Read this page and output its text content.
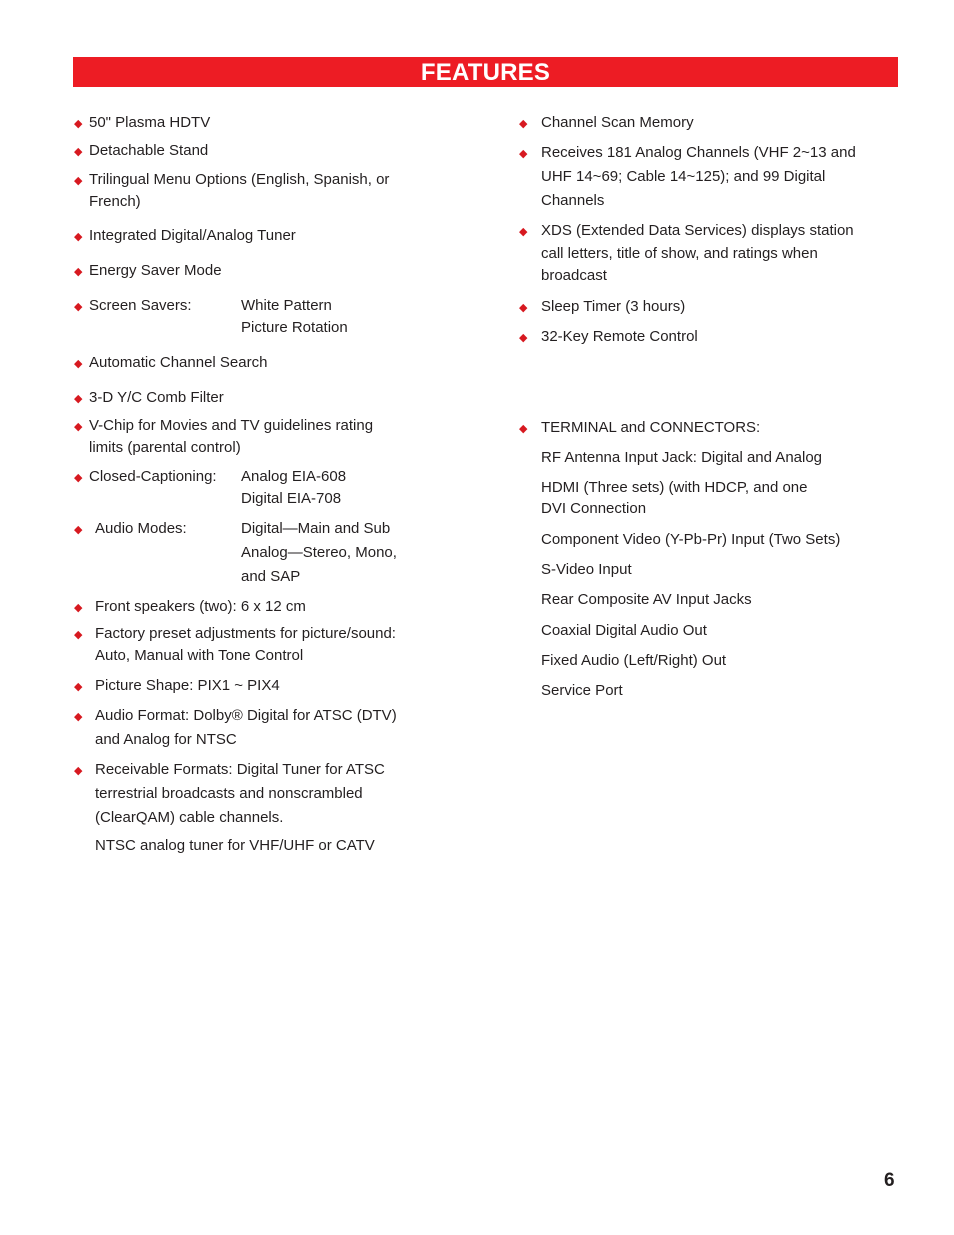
FEATURES
◆ 50" Plasma HDTV
◆ Detachable Stand
◆ Trilingual Menu Options (English, Spanish, or
French)
◆ Integrated Digital/Analog Tuner
◆ Energy Saver Mode
◆ Screen Savers:	White Pattern
Picture Rotation
◆ Automatic Channel Search
◆ 3-D Y/C Comb Filter
◆ V-Chip for Movies and TV guidelines rating
limits (parental control)
◆ Closed-Captioning: Analog EIA-608
Digital EIA-708
◆ Audio Modes:	Digital—Main and Sub
Analog—Stereo, Mono,
and SAP
◆ Front speakers (two): 6 x 12 cm
◆ Factory preset adjustments for picture/sound:
Auto, Manual with Tone Control
◆ Picture Shape: PIX1 ~ PIX4
◆ Audio Format: Dolby® Digital for ATSC (DTV)
and Analog for NTSC
◆ Receivable Formats: Digital Tuner for ATSC
terrestrial broadcasts and nonscrambled
(ClearQAM) cable channels.
NTSC analog tuner for VHF/UHF or CATV
◆ Channel Scan Memory
◆ Receives 181 Analog Channels (VHF 2~13 and
UHF 14~69; Cable 14~125); and 99 Digital
Channels
◆ XDS (Extended Data Services) displays station
call letters, title of show, and ratings when
broadcast
◆ Sleep Timer (3 hours)
◆ 32-Key Remote Control
◆ TERMINAL and CONNECTORS:
RF Antenna Input Jack: Digital and Analog
HDMI (Three sets) (with HDCP, and one
DVI Connection
Component Video (Y-Pb-Pr) Input (Two Sets)
S-Video Input
Rear Composite AV Input Jacks
Coaxial Digital Audio Out
Fixed Audio (Left/Right) Out
Service Port
6
